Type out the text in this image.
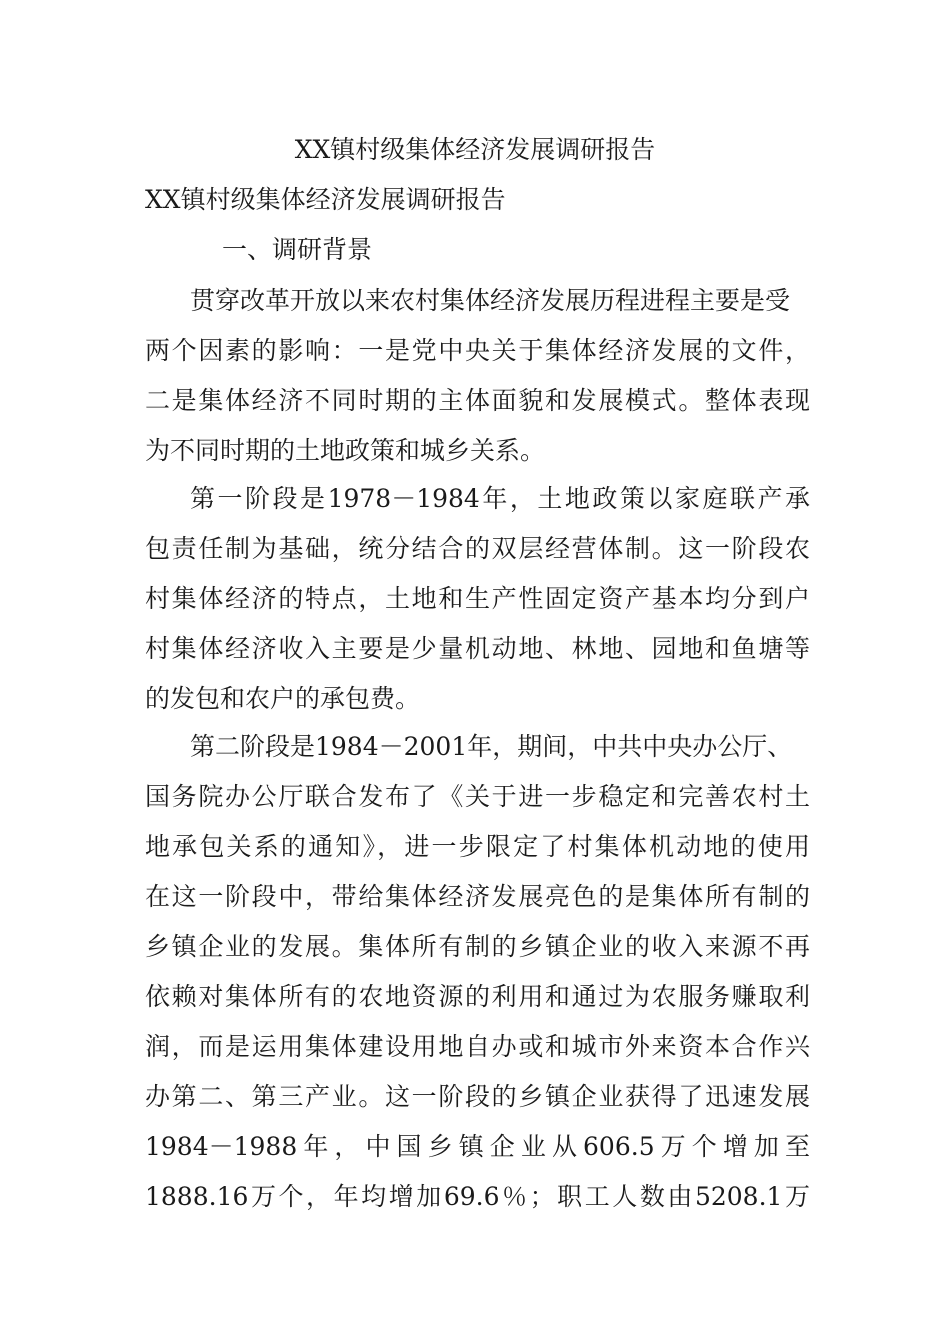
XX镇村级集体经济发展调研报告
XX镇村级集体经济发展调研报告
一、调研背景

贯穿改革开放以来农村集体经济发展历程进程主要是受

两个因素的影响：一是党中央关于集体经济发展的文件，

二是集体经济不同时期的主体面貌和发展模式。整体表现

为不同时期的土地政策和城乡关系。

第一阶段是1978－1984年，土地政策以家庭联产承

包责任制为基础，统分结合的双层经营体制。这一阶段农

村集体经济的特点，土地和生产性固定资产基本均分到户

村集体经济收入主要是少量机动地、林地、园地和鱼塘等

的发包和农户的承包费。

第二阶段是1984－2001年，期间，中共中央办公厅、

国务院办公厅联合发布了《关于进一步稳定和完善农村土

地承包关系的通知》，进一步限定了村集体机动地的使用

在这一阶段中，带给集体经济发展亮色的是集体所有制的

乡镇企业的发展。集体所有制的乡镇企业的收入来源不再

依赖对集体所有的农地资源的利用和通过为农服务赚取利

润，而是运用集体建设用地自办或和城市外来资本合作兴

办第二、第三产业。这一阶段的乡镇企业获得了迅速发展

1984－1988年，中国乡镇企业从606.5万个增加至

1888.16万个，年均增加69.6％；职工人数由5208.1万
